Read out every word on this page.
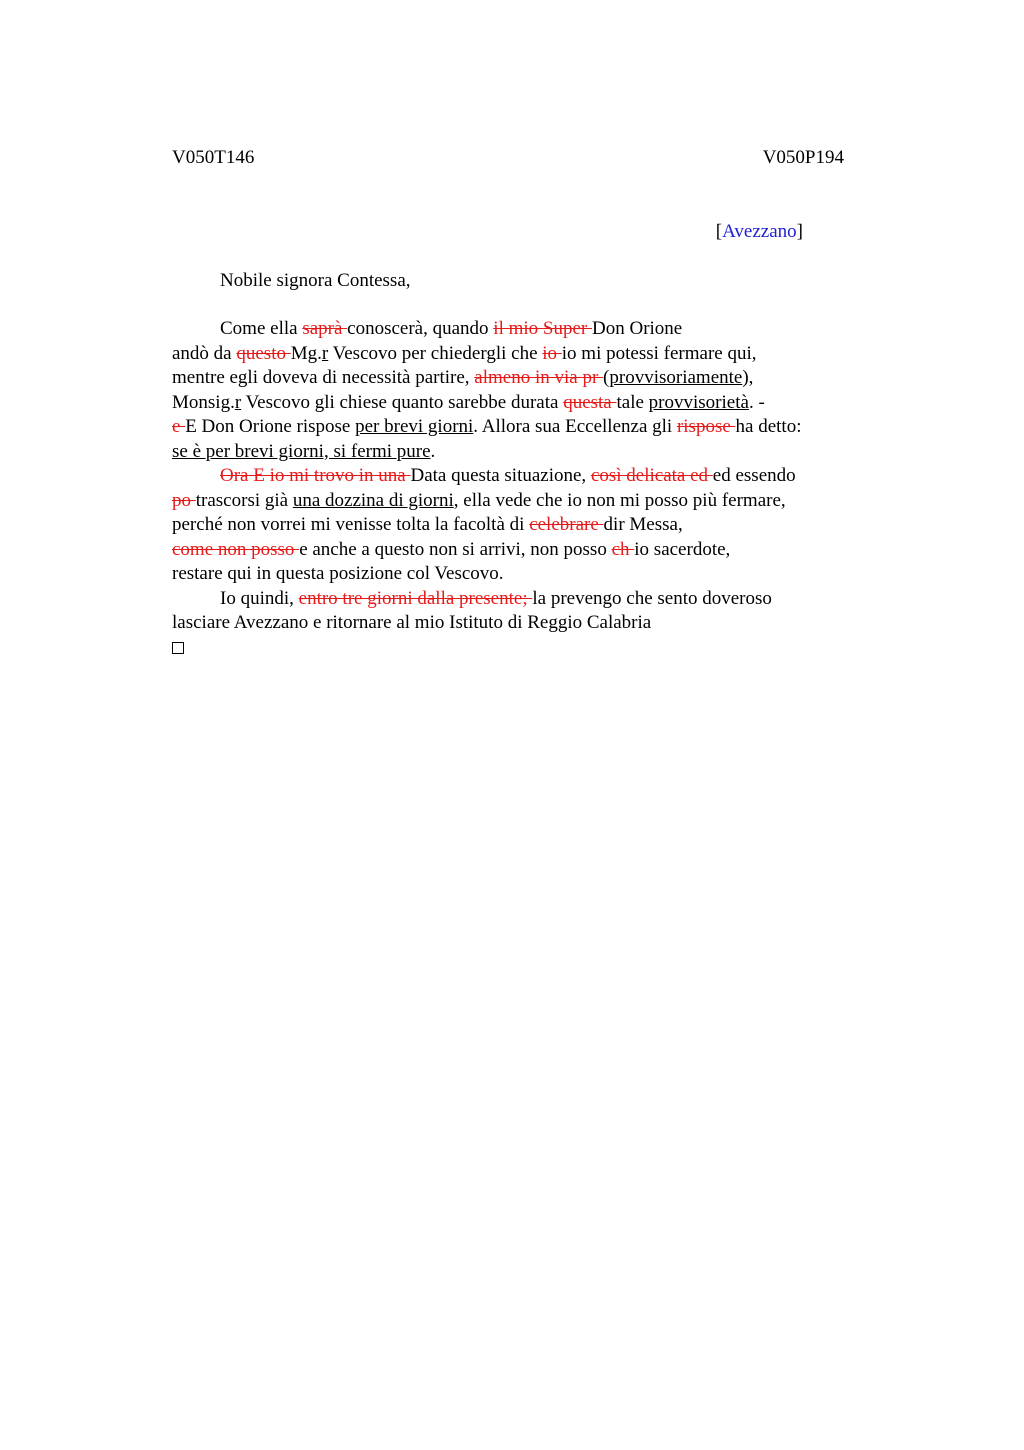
V050T146	V050P194
[Avezzano]
Nobile signora Contessa,
Come ella saprà conoscerà, quando il mio Super Don Orione
andò da questo Mg.r Vescovo per chiedergli che io io mi potessi fermare qui,
mentre egli doveva di necessità partire, almeno in via pr (provvisoriamente),
Monsig.r Vescovo gli chiese quanto sarebbe durata questa tale provvisorietà. -
e E Don Orione rispose per brevi giorni. Allora sua Eccellenza gli rispose ha detto:
se è per brevi giorni, si fermi pure.
Ora E io mi trovo in una Data questa situazione, così delicata ed ed essendo
po trascorsi già una dozzina di giorni, ella vede che io non mi posso più fermare,
perché non vorrei mi venisse tolta la facoltà di celebrare dir Messa,
come non posso e anche a questo non si arrivi, non posso ch io sacerdote,
restare qui in questa posizione col Vescovo.
Io quindi, entro tre giorni dalla presente; la prevengo che sento doveroso
lasciare Avezzano e ritornare al mio Istituto di Reggio Calabria
